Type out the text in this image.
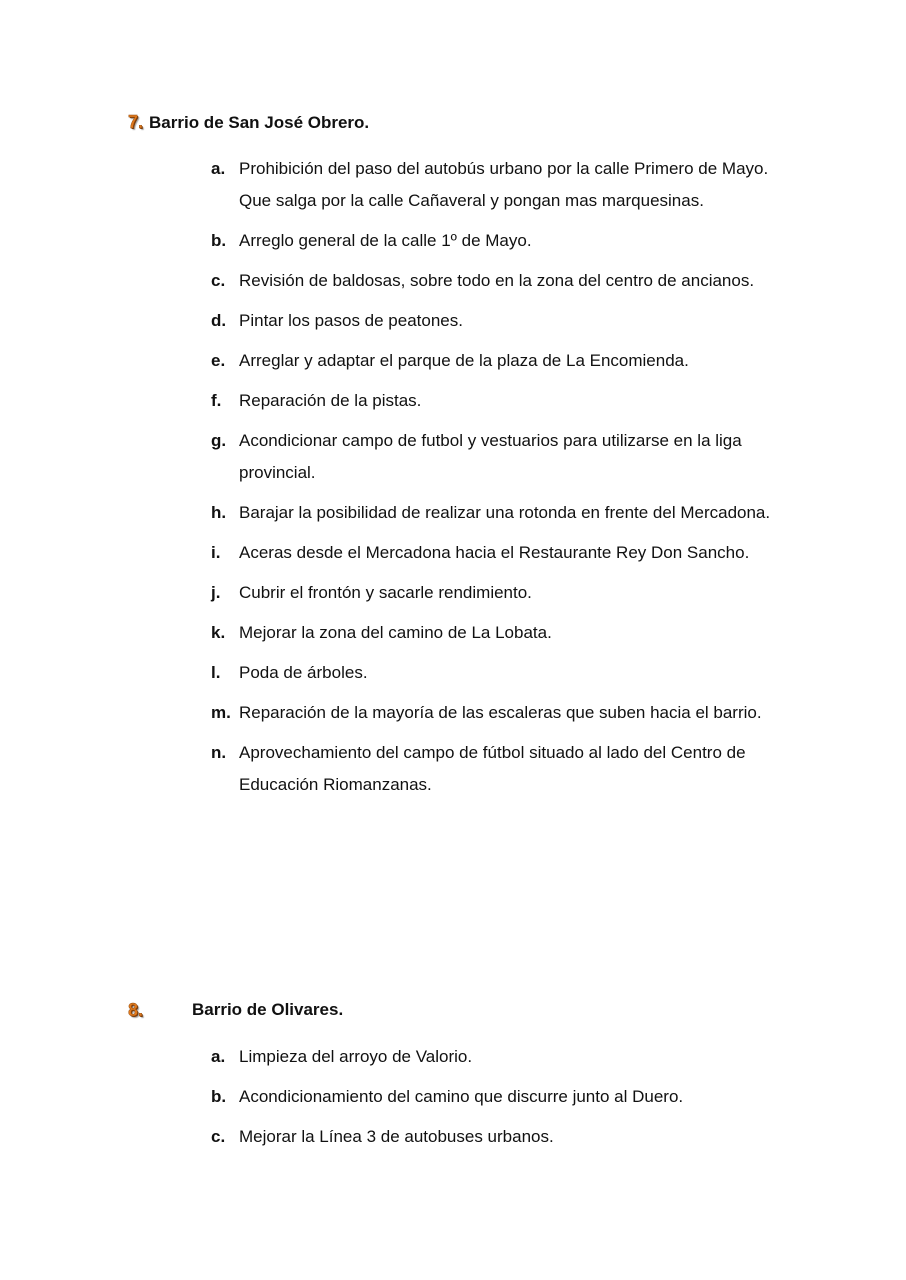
7. Barrio de San José Obrero.
a. Prohibición del paso del autobús urbano por la calle Primero de Mayo. Que salga por la calle Cañaveral y pongan mas marquesinas.
b. Arreglo general de la calle 1º de Mayo.
c. Revisión de baldosas, sobre todo en la zona del centro de ancianos.
d. Pintar los pasos de peatones.
e. Arreglar y adaptar el parque de la plaza de La Encomienda.
f. Reparación de la pistas.
g. Acondicionar campo de futbol y vestuarios para utilizarse en la liga provincial.
h. Barajar la posibilidad de realizar una rotonda en frente del Mercadona.
i. Aceras desde el Mercadona hacia el Restaurante Rey Don Sancho.
j. Cubrir el frontón y sacarle rendimiento.
k. Mejorar la zona del camino de La Lobata.
l. Poda de árboles.
m. Reparación de la mayoría de las escaleras que suben hacia el barrio.
n. Aprovechamiento del campo de fútbol situado al lado del Centro de Educación Riomanzanas.
8.	Barrio de Olivares.
a. Limpieza del arroyo de Valorio.
b. Acondicionamiento del camino que discurre junto al Duero.
c. Mejorar la Línea 3 de autobuses urbanos.
